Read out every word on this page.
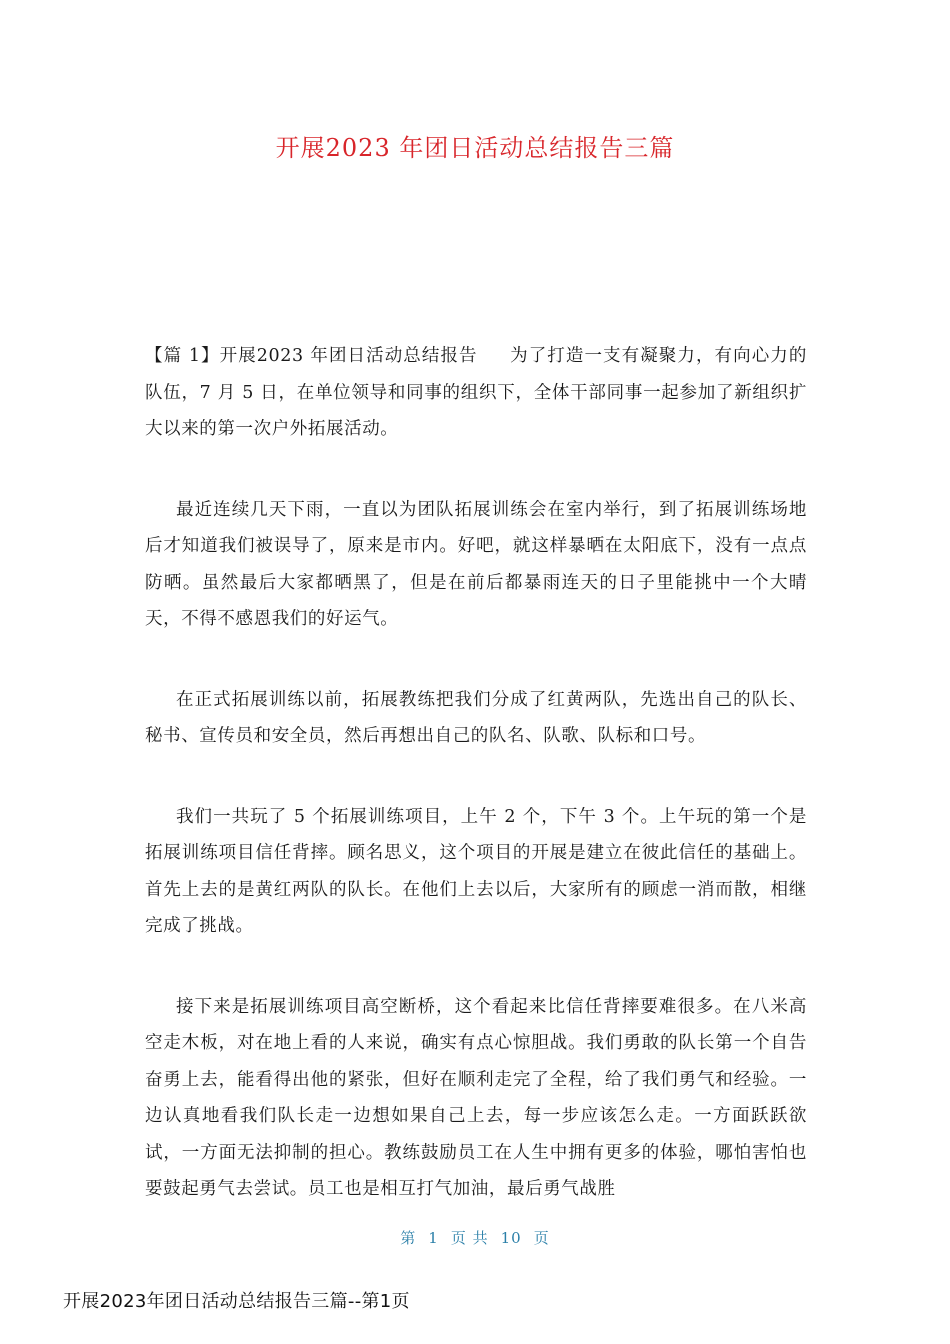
开展2023 年团日活动总结报告三篇

【篇 1】开展2023 年团日活动总结报告 为了打造一支有凝聚力，有向心力的队伍，7 月 5 日，在单位领导和同事的组织下，全体干部同事一起参加了新组织扩大以来的第一次户外拓展活动。

最近连续几天下雨，一直以为团队拓展训练会在室内举行，到了拓展训练场地后才知道我们被误导了，原来是市内。好吧，就这样暴晒在太阳底下，没有一点点防晒。虽然最后大家都晒黑了，但是在前后都暴雨连天的日子里能挑中一个大晴天，不得不感恩我们的好运气。

在正式拓展训练以前，拓展教练把我们分成了红黄两队，先选出自己的队长、秘书、宣传员和安全员，然后再想出自己的队名、队歌、队标和口号。

我们一共玩了 5 个拓展训练项目，上午 2 个，下午 3 个。上午玩的第一个是拓展训练项目信任背摔。顾名思义，这个项目的开展是建立在彼此信任的基础上。首先上去的是黄红两队的队长。在他们上去以后，大家所有的顾虑一消而散，相继完成了挑战。

接下来是拓展训练项目高空断桥，这个看起来比信任背摔要难很多。在八米高空走木板，对在地上看的人来说，确实有点心惊胆战。我们勇敢的队长第一个自告奋勇上去，能看得出他的紧张，但好在顺利走完了全程，给了我们勇气和经验。一边认真地看我们队长走一边想如果自己上去，每一步应该怎么走。一方面跃跃欲试，一方面无法抑制的担心。教练鼓励员工在人生中拥有更多的体验，哪怕害怕也要鼓起勇气去尝试。员工也是相互打气加油，最后勇气战胜

第 1 页 共 10 页
开展2023年团日活动总结报告三篇--第1页
